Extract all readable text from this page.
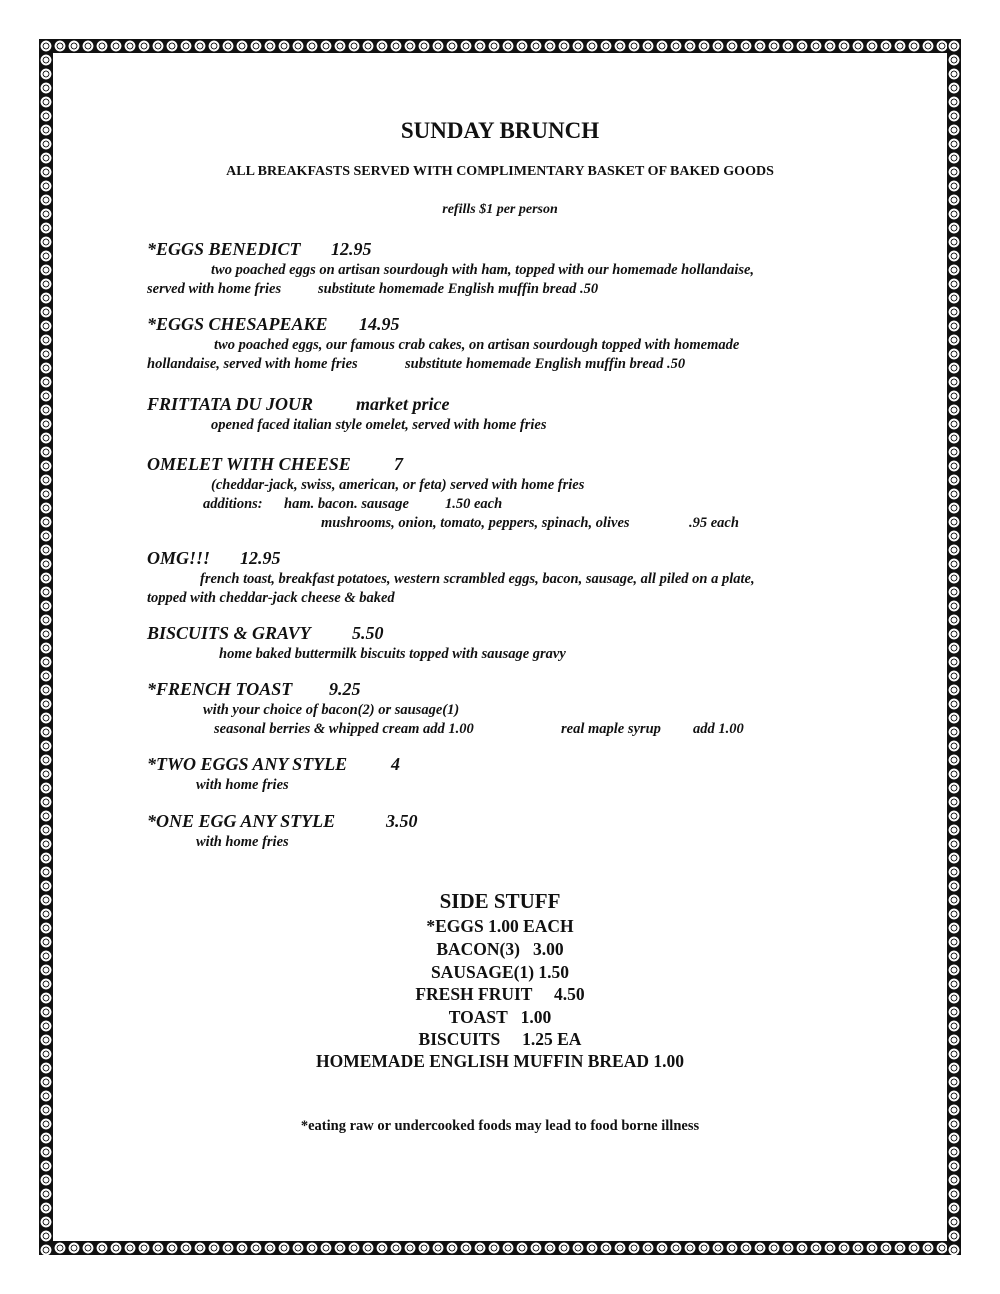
SUNDAY BRUNCH
ALL BREAKFASTS SERVED WITH COMPLIMENTARY BASKET OF BAKED GOODS
refills $1 per person
*EGGS BENEDICT 12.95
two poached eggs on artisan sourdough with ham, topped with our homemade hollandaise,
served with home fries	substitute homemade English muffin bread .50
*EGGS CHESAPEAKE 14.95
two poached eggs, our famous crab cakes, on artisan sourdough topped with homemade
hollandaise, served with home fries	substitute homemade English muffin bread .50
FRITTATA DU JOUR market price
opened faced italian style omelet, served with home fries
OMELET WITH CHEESE 7
(cheddar-jack, swiss, american, or feta) served with home fries
additions: ham. bacon. sausage 1.50 each
mushrooms, onion, tomato, peppers, spinach, olives	.95 each
OMG!!! 12.95
french toast, breakfast potatoes, western scrambled eggs, bacon, sausage, all piled on a plate,
topped with cheddar-jack cheese & baked
BISCUITS & GRAVY 5.50
home baked buttermilk biscuits topped with sausage gravy
*FRENCH TOAST 9.25
with your choice of bacon(2) or sausage(1)
seasonal berries & whipped cream add 1.00	real maple syrup add 1.00
*TWO EGGS ANY STYLE 4
with home fries
*ONE EGG ANY STYLE	3.50
with home fries
SIDE STUFF
*EGGS 1.00 EACH
BACON(3)   3.00
SAUSAGE(1) 1.50
FRESH FRUIT     4.50
TOAST   1.00
BISCUITS     1.25 EA
HOMEMADE ENGLISH MUFFIN BREAD 1.00
*eating raw or undercooked foods may lead to food borne illness
